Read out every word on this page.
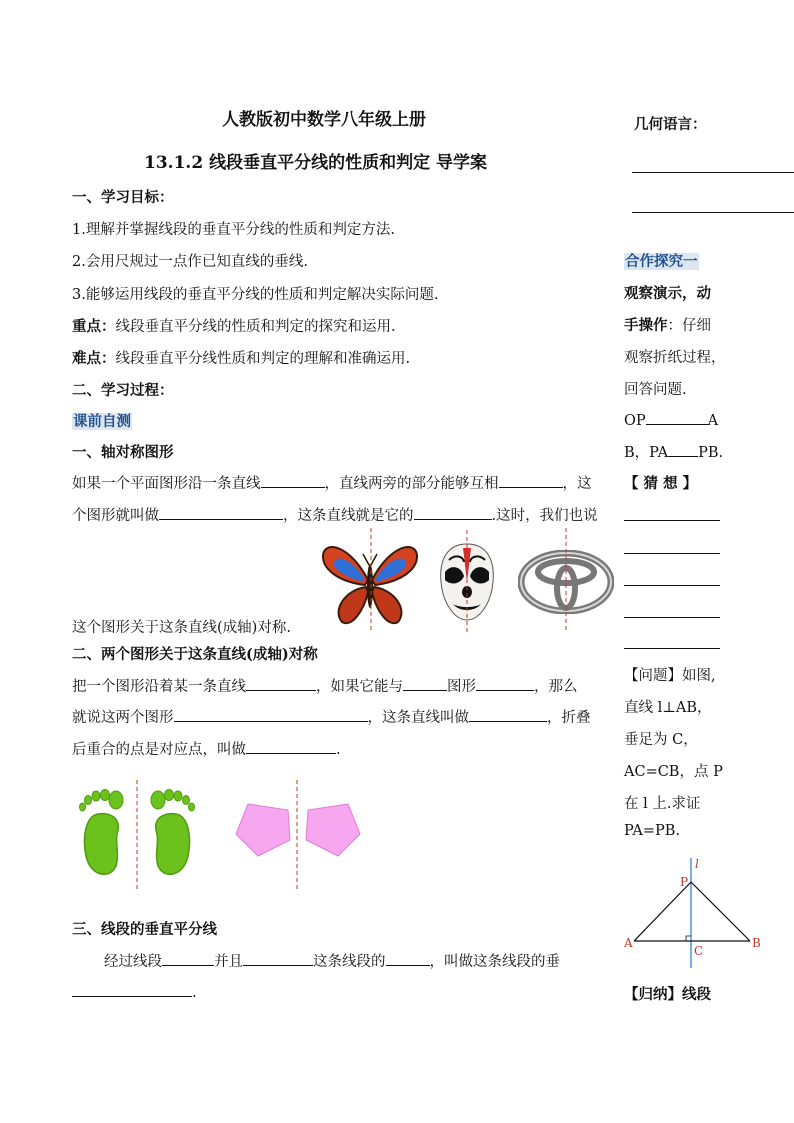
人教版初中数学八年级上册
13.1.2 线段垂直平分线的性质和判定 导学案
一、学习目标：
1.理解并掌握线段的垂直平分线的性质和判定方法.
2.会用尺规过一点作已知直线的垂线.
3.能够运用线段的垂直平分线的性质和判定解决实际问题.
重点：线段垂直平分线的性质和判定的探究和运用.
难点：线段垂直平分线性质和判定的理解和准确运用.
二、学习过程：
课前自测
一、轴对称图形
如果一个平面图形沿一条直线	，直线两旁的部分能够互相	，这
个图形就叫做	，这条直线就是它的	.这时，我们也说
这个图形关于这条直线(成轴)对称.
二、两个图形关于这条直线(成轴)对称
把一个图形沿着某一条直线	，如果它能与	图形	，那么
就说这两个图形	，这条直线叫做	，折叠
后重合的点是对应点，叫做	.
三、线段的垂直平分线
经过线段	并且	这条线段的	，叫做这条线段的垂
.
几何语言：
合作探究一
观察演示，动
手操作：仔细
观察折纸过程，
回答问题.
OP	A
B，PA PB.
【 猜 想 】
【问题】如图,
直线 l⊥AB，
垂足为 C，
AC=CB，点 P
在 l 上.求证
PA=PB.
l
P
A	B
C
【归纳】线段
